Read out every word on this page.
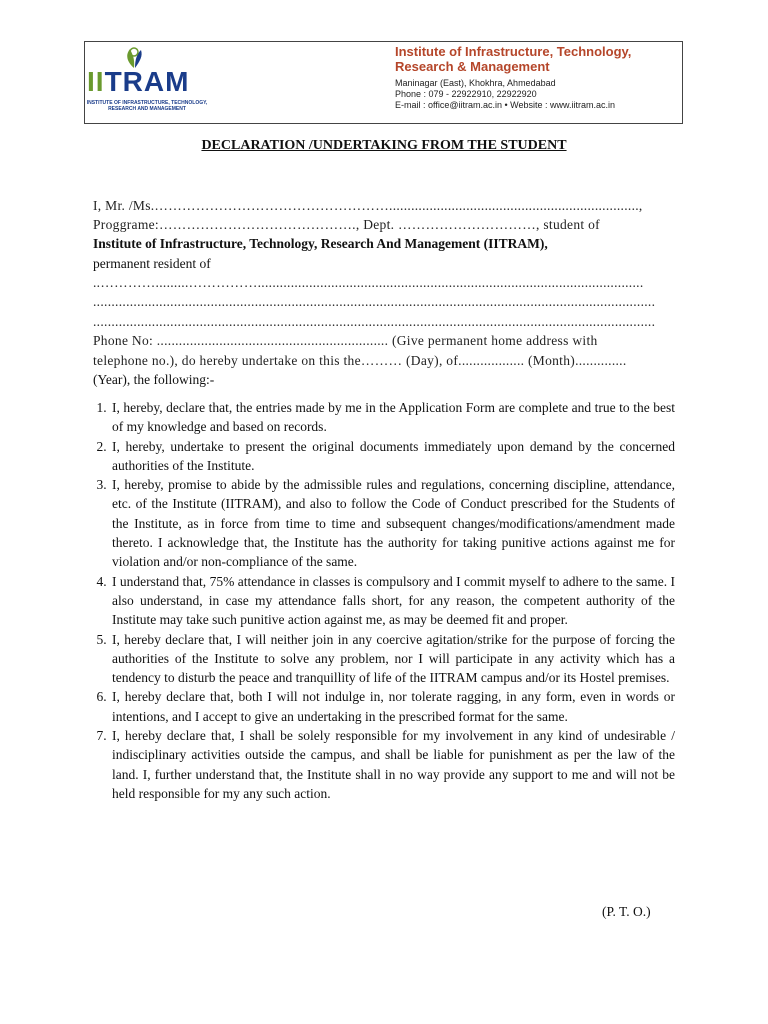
IITRAM
INSTITUTE OF INFRASTRUCTURE, TECHNOLOGY, RESEARCH AND MANAGEMENT
Institute of Infrastructure, Technology,
Research & Management
Maninagar (East), Khokhra, Ahmedabad
Phone : 079 - 22922910, 22922920
E-mail : office@iitram.ac.in • Website : www.iitram.ac.in
DECLARATION /UNDERTAKING FROM THE STUDENT
I, Mr. /Ms.……………………………………………....................................................................,
Proggrame:……………………………………., Dept. …………………………, student of
Institute of Infrastructure, Technology, Research And Management (IITRAM),
permanent resident of
..………….........…………….........................................................................................................
.........................................................................................................................................................
.........................................................................................................................................................
Phone No: ............................................................... (Give permanent home address with
telephone no.), do hereby undertake on this the……… (Day), of.................. (Month)..............
(Year), the following:-
1. I, hereby, declare that, the entries made by me in the Application Form are complete and true to the best of my knowledge and based on records.
2. I, hereby, undertake to present the original documents immediately upon demand by the concerned authorities of the Institute.
3. I, hereby, promise to abide by the admissible rules and regulations, concerning discipline, attendance, etc. of the Institute (IITRAM), and also to follow the Code of Conduct prescribed for the Students of the Institute, as in force from time to time and subsequent changes/modifications/amendment made thereto. I acknowledge that, the Institute has the authority for taking punitive actions against me for violation and/or non-compliance of the same.
4. I understand that, 75% attendance in classes is compulsory and I commit myself to adhere to the same. I also understand, in case my attendance falls short, for any reason, the competent authority of the Institute may take such punitive action against me, as may be deemed fit and proper.
5. I, hereby declare that, I will neither join in any coercive agitation/strike for the purpose of forcing the authorities of the Institute to solve any problem, nor I will participate in any activity which has a tendency to disturb the peace and tranquillity of life of the IITRAM campus and/or its Hostel premises.
6. I, hereby declare that, both I will not indulge in, nor tolerate ragging, in any form, even in words or intentions, and I accept to give an undertaking in the prescribed format for the same.
7. I, hereby declare that, I shall be solely responsible for my involvement in any kind of undesirable / indisciplinary activities outside the campus, and shall be liable for punishment as per the law of the land. I, further understand that, the Institute shall in no way provide any support to me and will not be held responsible for my any such action.
(P. T. O.)
